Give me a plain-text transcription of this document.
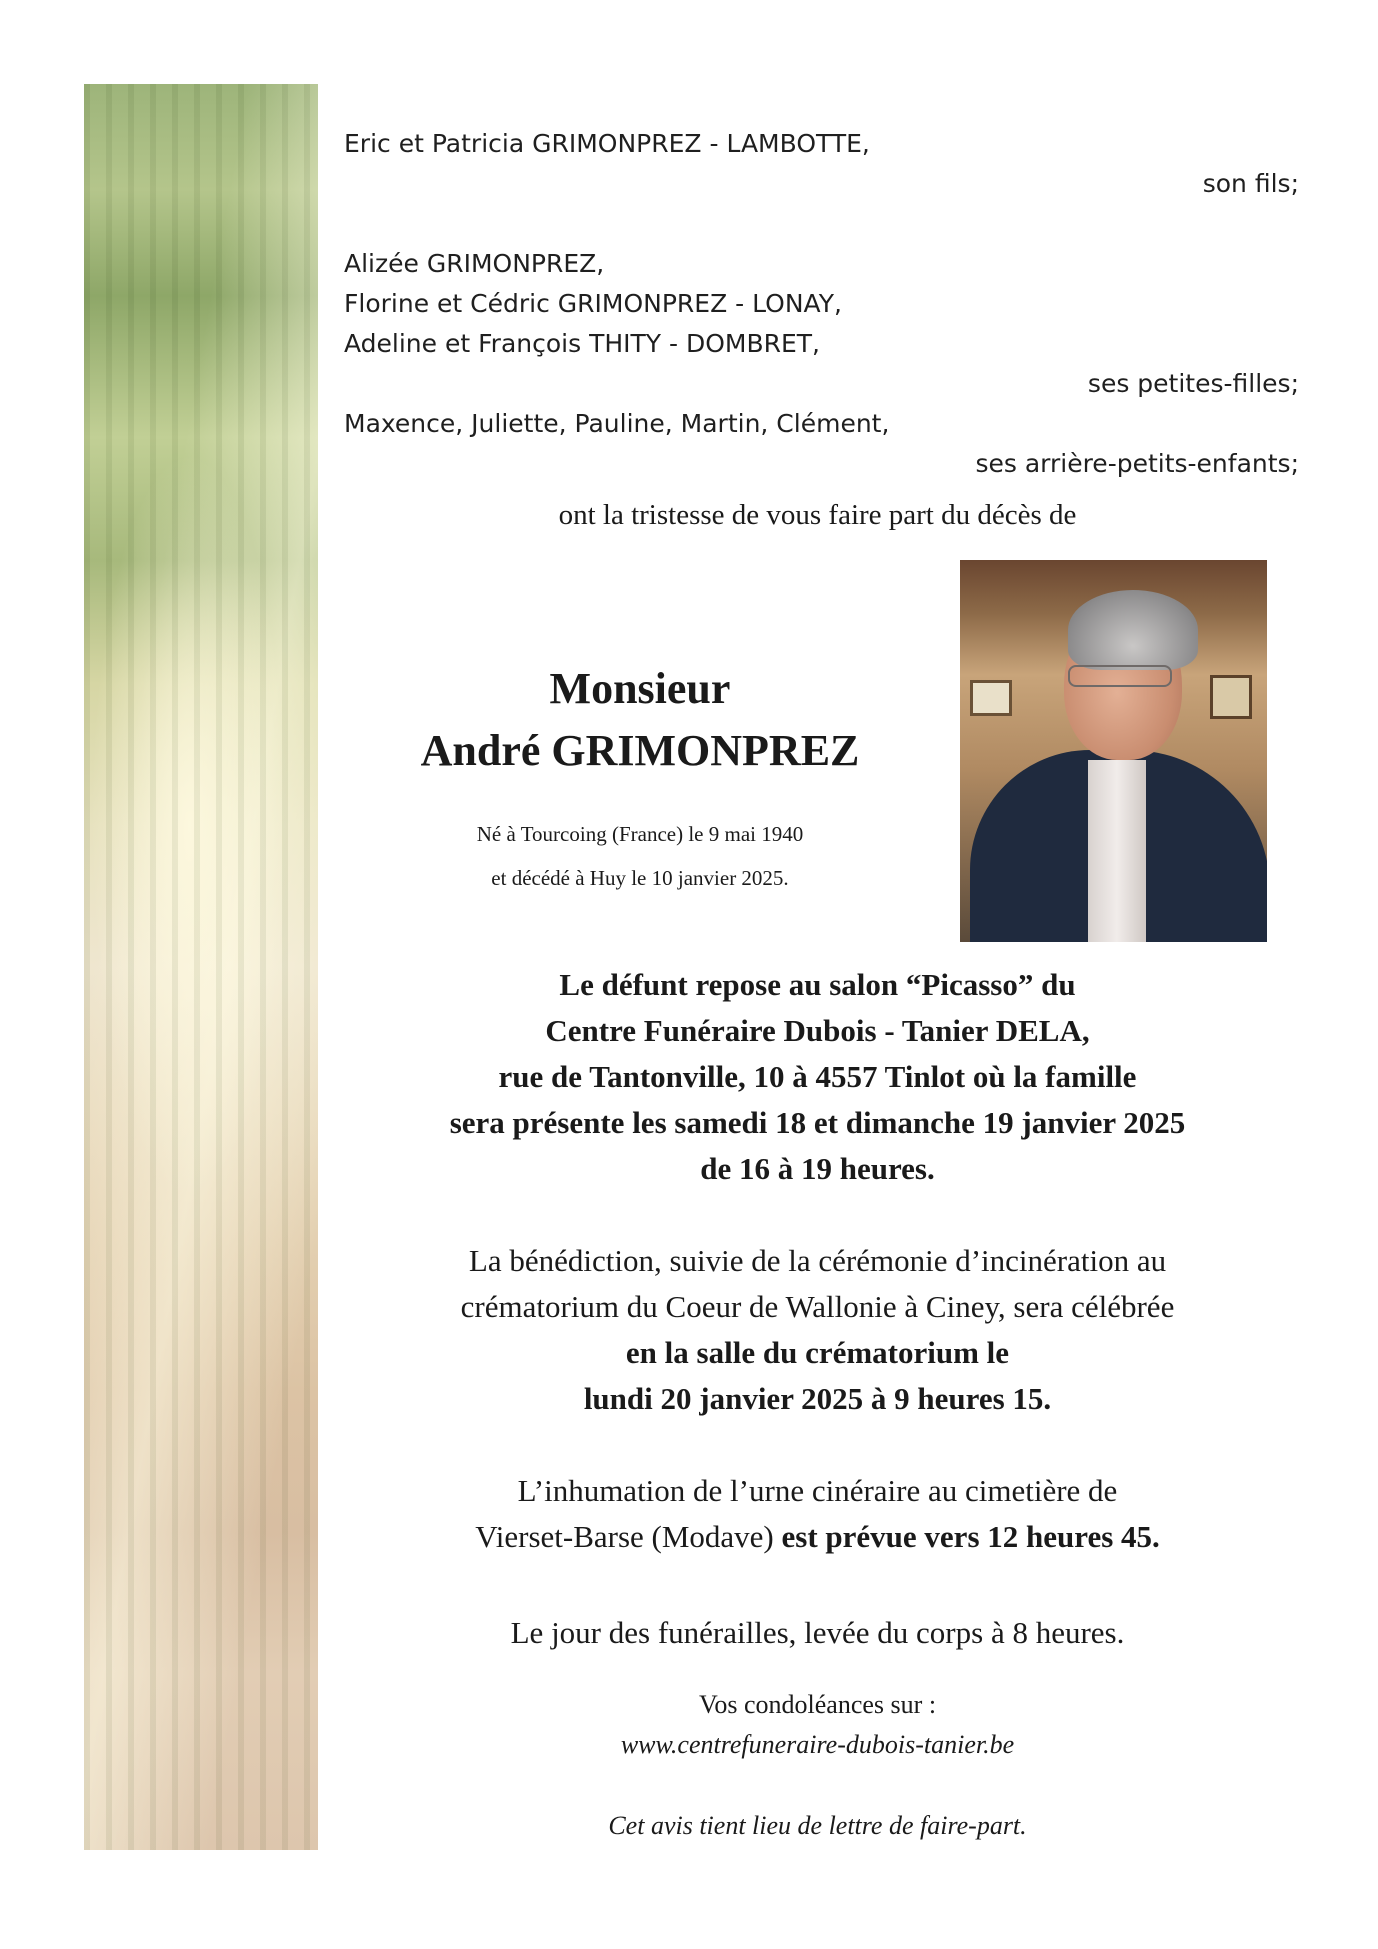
Eric et Patricia GRIMONPREZ - LAMBOTTE,
son fils;

Alizée GRIMONPREZ,
Florine et Cédric GRIMONPREZ - LONAY,
Adeline et François THITY - DOMBRET,
ses petites-filles;
Maxence, Juliette, Pauline, Martin, Clément,
ses arrière-petits-enfants;
ont la tristesse de vous faire part du décès de
Monsieur
André GRIMONPREZ
Né à Tourcoing (France) le 9 mai 1940
et décédé à Huy le 10 janvier 2025.
Le défunt repose au salon “Picasso” du
Centre Funéraire Dubois - Tanier DELA,
rue de Tantonville, 10 à 4557 Tinlot où la famille
sera présente les samedi 18 et dimanche 19 janvier 2025
de 16 à 19 heures.
La bénédiction, suivie de la cérémonie d’incinération au
crématorium du Coeur de Wallonie à Ciney, sera célébrée
en la salle du crématorium le
lundi 20 janvier 2025 à 9 heures 15.
L’inhumation de l’urne cinéraire au cimetière de
Vierset-Barse (Modave) est prévue vers 12 heures 45.
Le jour des funérailles, levée du corps à 8 heures.
Vos condoléances sur :
www.centrefuneraire-dubois-tanier.be
Cet avis tient lieu de lettre de faire-part.
